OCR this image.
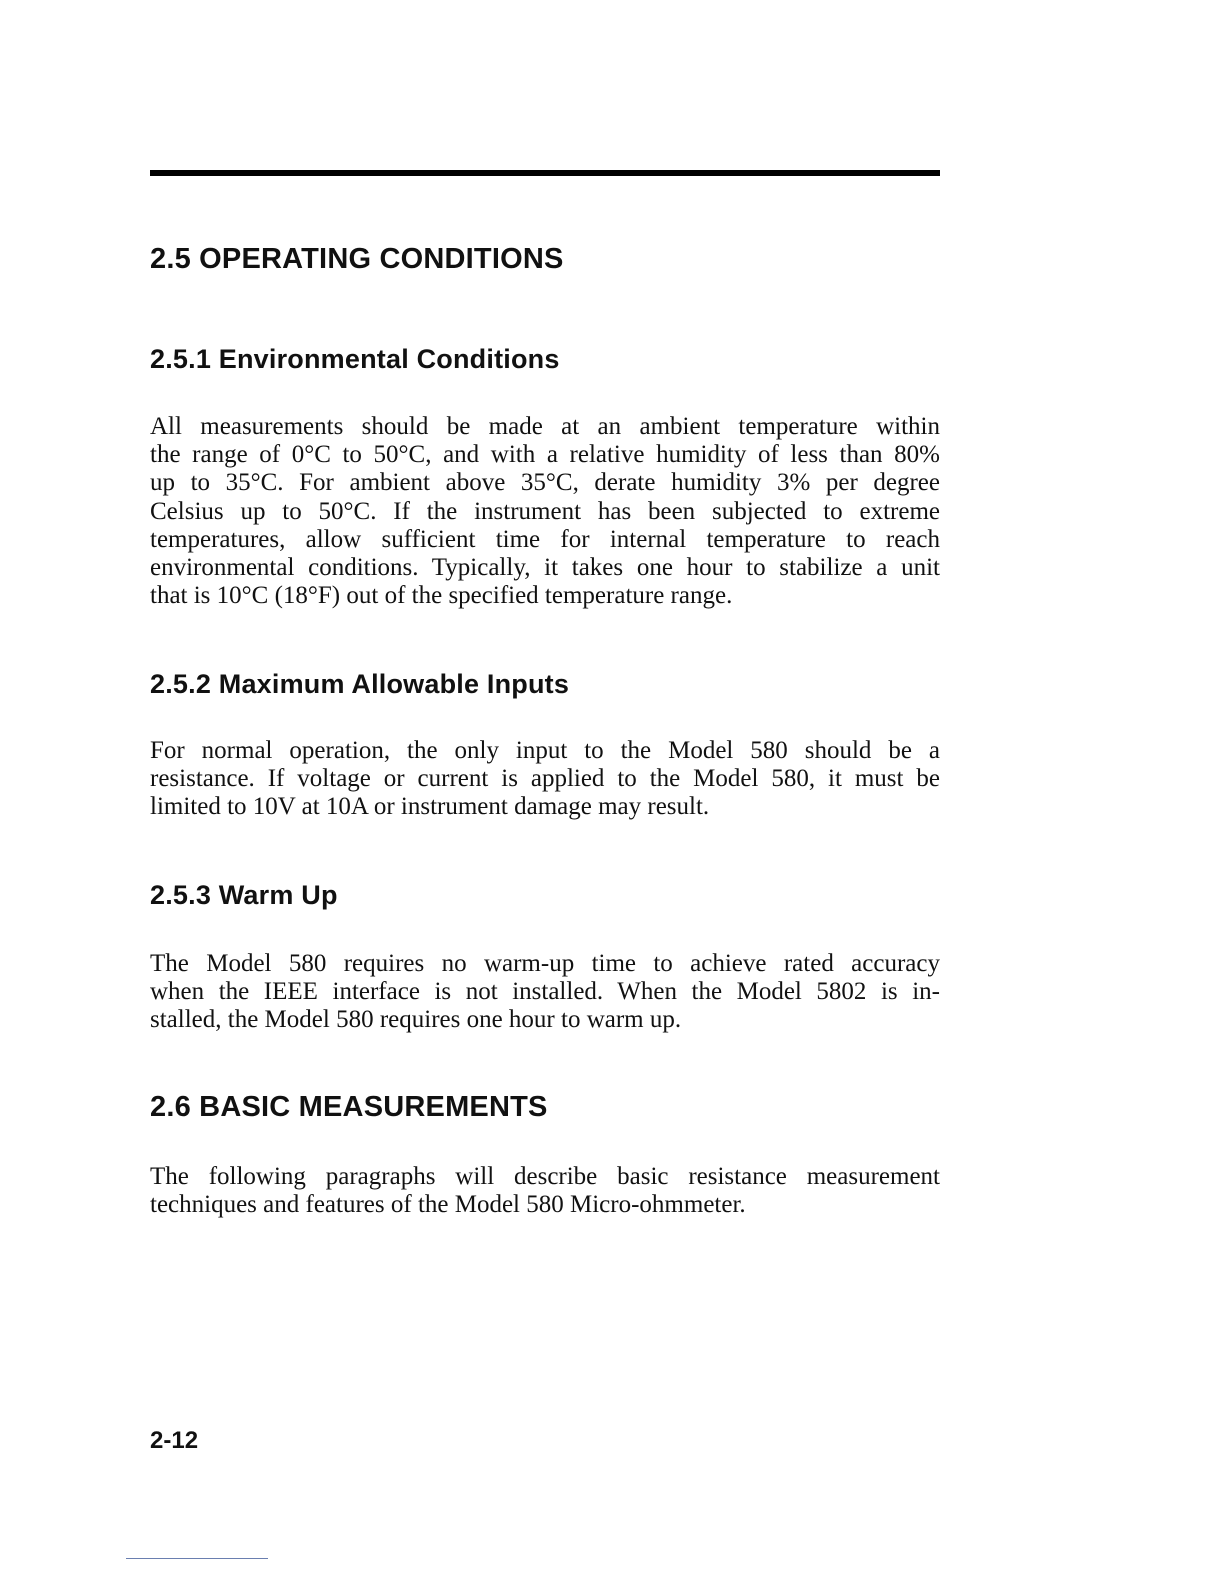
2.5 OPERATING CONDITIONS
2.5.1 Environmental Conditions
All measurements should be made at an ambient temperature within
the range of 0°C to 50°C, and with a relative humidity of less than 80%
up to 35°C. For ambient above 35°C, derate humidity 3% per degree
Celsius up to 50°C. If the instrument has been subjected to extreme
temperatures, allow sufficient time for internal temperature to reach
environmental conditions. Typically, it takes one hour to stabilize a unit
that is 10°C (18°F) out of the specified temperature range.
2.5.2 Maximum Allowable Inputs
For normal operation, the only input to the Model 580 should be a
resistance. If voltage or current is applied to the Model 580, it must be
limited to 10V at 10A or instrument damage may result.
2.5.3 Warm Up
The Model 580 requires no warm-up time to achieve rated accuracy
when the IEEE interface is not installed. When the Model 5802 is in-
stalled, the Model 580 requires one hour to warm up.
2.6 BASIC MEASUREMENTS
The following paragraphs will describe basic resistance measurement
techniques and features of the Model 580 Micro-ohmmeter.
2-12
